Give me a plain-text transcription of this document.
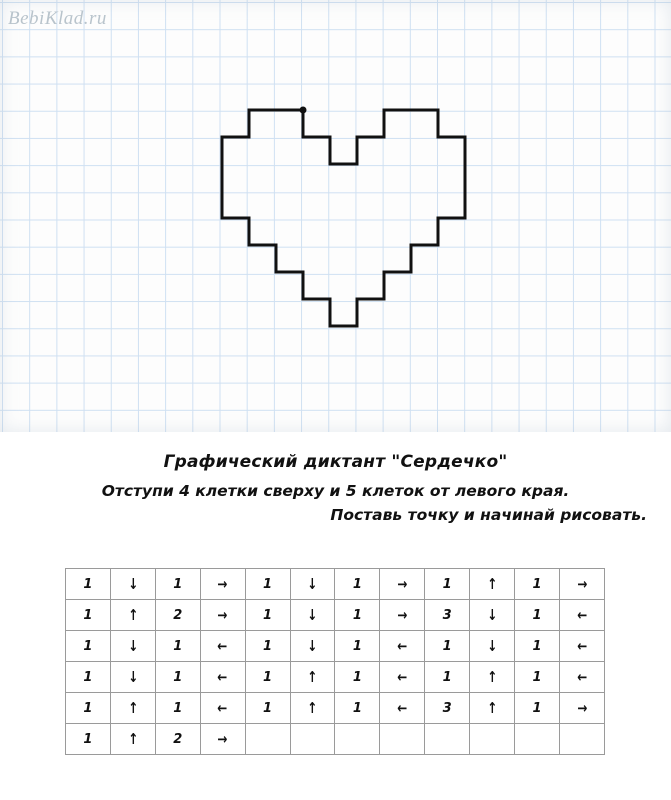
BebiKlad.ru
Графический диктант "Сердечко"
Отступи 4 клетки сверху и 5 клеток от левого края.
Поставь точку и начинай рисовать.
1	↓	1	→	1	↓	1	→	1	↑	1	→
1	↑	2	→	1	↓	1	→	3	↓	1	←
1	↓	1	←	1	↓	1	←	1	↓	1	←
1	↓	1	←	1	↑	1	←	1	↑	1	←
1	↑	1	←	1	↑	1	←	3	↑	1	→
1	↑	2	→								
